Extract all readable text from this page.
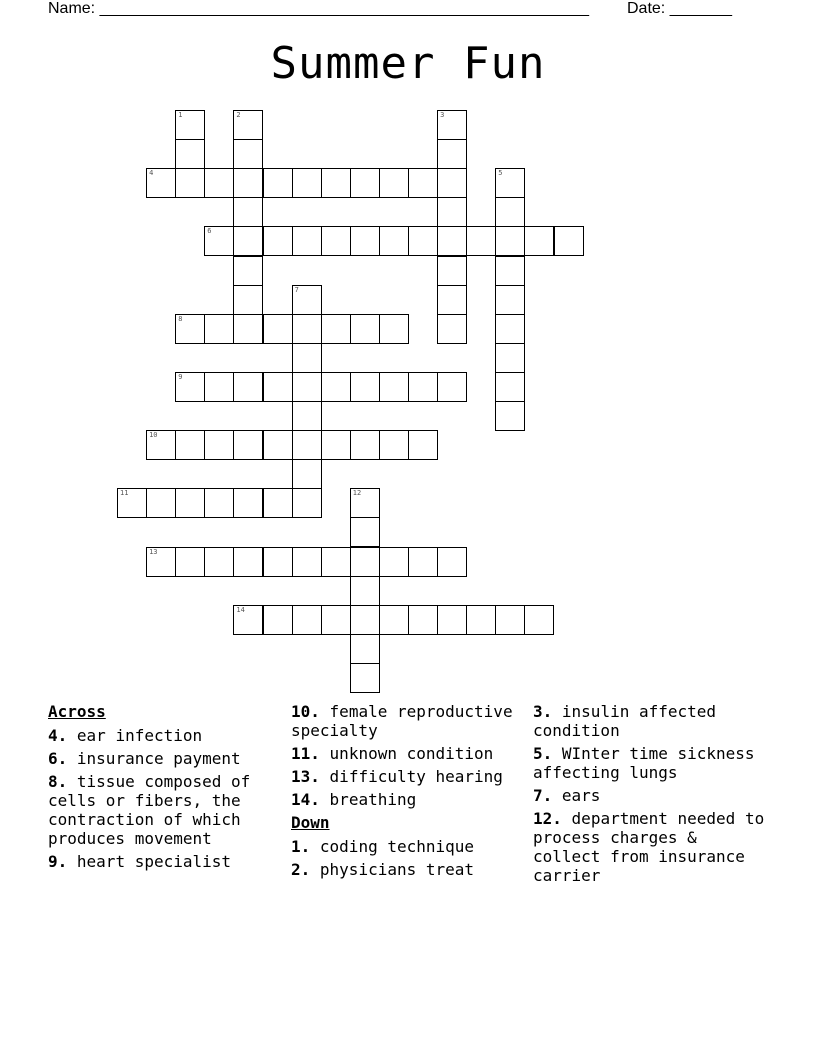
Name: _______________________________________________________ Date: _______
Summer Fun
1	2	3
4	5
6
7
8
9
10
11	12
13
14
Across
4. ear infection
6. insurance payment
8. tissue composed of cells or fibers, the contraction of which produces movement
9. heart specialist
10. female reproductive specialty
11. unknown condition
13. difficulty hearing
14. breathing
Down
1. coding technique
2. physicians treat
3. insulin affected condition
5. WInter time sickness affecting lungs
7. ears
12. department needed to process charges & collect from insurance carrier
